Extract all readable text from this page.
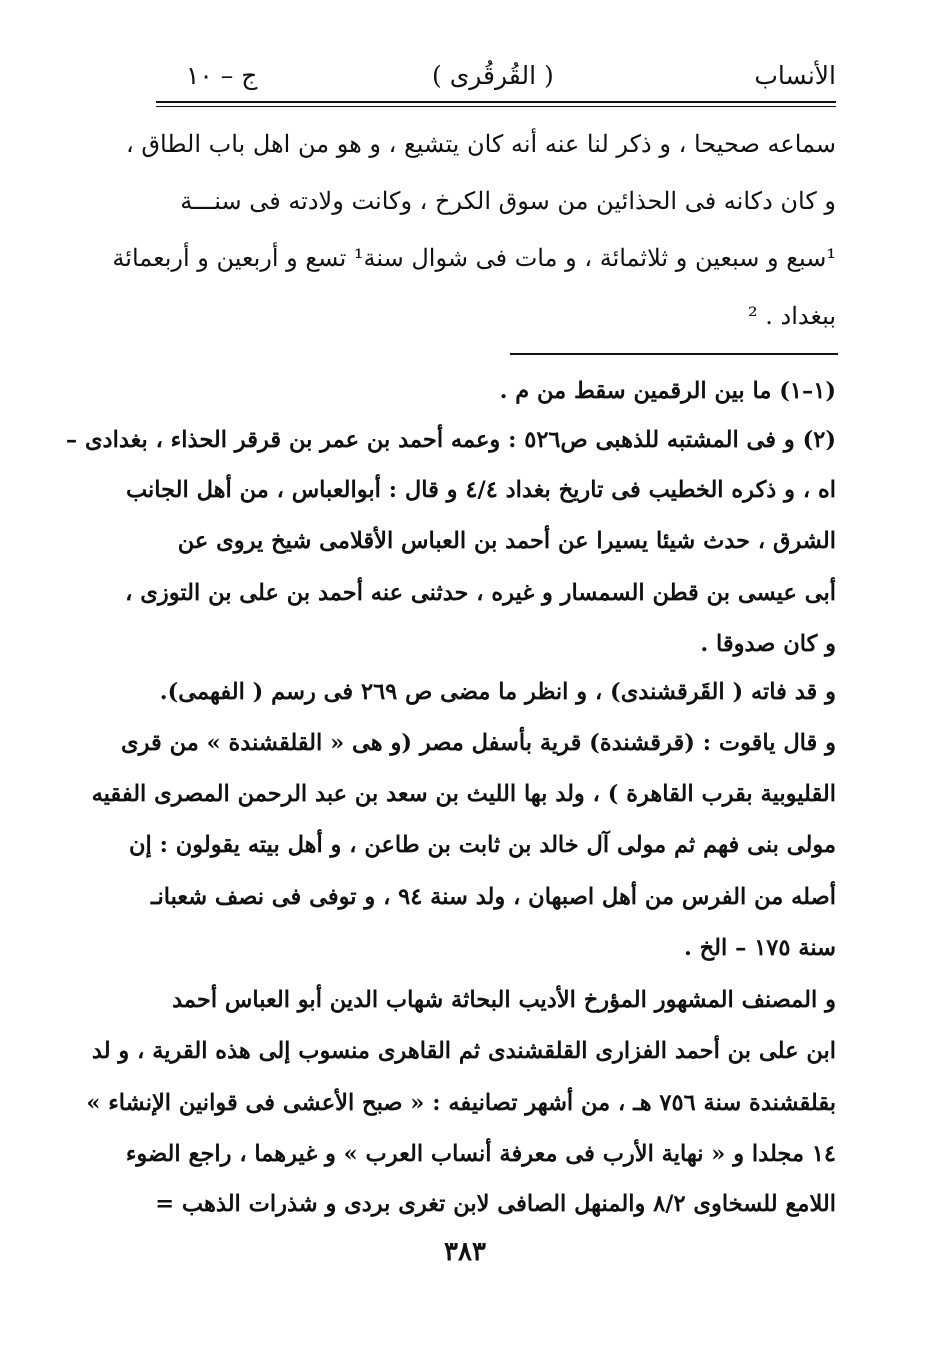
الأنساب
( القُرقُرى )
ج – ١٠
سماعه صحيحا ، و ذكر لنا عنه أنه كان يتشيع ، و هو من اهل باب الطاق ،
و كان دكانه فى الحذائين من سوق الكرخ ، وكانت ولادته فى سنـــة
¹سبع و سبعين و ثلاثمائة ، و مات فى شوال سنة¹ تسع و أربعين و أربعمائة
ببغداد . ²
(١–١) ما بين الرقمين سقط من م .
(٢) و فى المشتبه للذهبى ص٥٢٦ : وعمه أحمد بن عمر بن قرقر الحذاء ، بغدادى –
اه ، و ذكره الخطيب فى تاريخ بغداد ٤/٤ و قال : أبوالعباس ، من أهل الجانب
الشرق ، حدث شيئا يسيرا عن أحمد بن العباس الأقلامى شيخ يروى عن
أبى عيسى بن قطن السمسار و غيره ، حدثنى عنه أحمد بن على بن التوزى ،
و كان صدوقا .
و قد فاته ( القَرقشندى) ، و انظر ما مضى ص ٢٦٩ فى رسم ( الفهمى).
و قال ياقوت : (قرقشندة) قرية بأسفل مصر (و هى « القلقشندة » من قرى
القليوبية بقرب القاهرة ) ، ولد بها الليث بن سعد بن عبد الرحمن المصرى الفقيه
مولى بنى فهم ثم مولى آل خالد بن ثابت بن طاعن ، و أهل بيته يقولون : إن
أصله من الفرس من أهل اصبهان ، ولد سنة ٩٤ ، و توفى فى نصف شعبانـ
سنة ١٧٥ – الخ .
و المصنف المشهور المؤرخ الأديب البحاثة شهاب الدين أبو العباس أحمد
ابن على بن أحمد الفزارى القلقشندى ثم القاهرى منسوب إلى هذه القرية ، و لد
بقلقشندة سنة ٧٥٦ هـ ، من أشهر تصانيفه : « صبح الأعشى فى قوانين الإنشاء »
١٤ مجلدا و « نهاية الأرب فى معرفة أنساب العرب » و غيرهما ، راجع الضوء
اللامع للسخاوى ٨/٢ والمنهل الصافى لابن تغرى بردى و شذرات الذهب =
٣٨٣
